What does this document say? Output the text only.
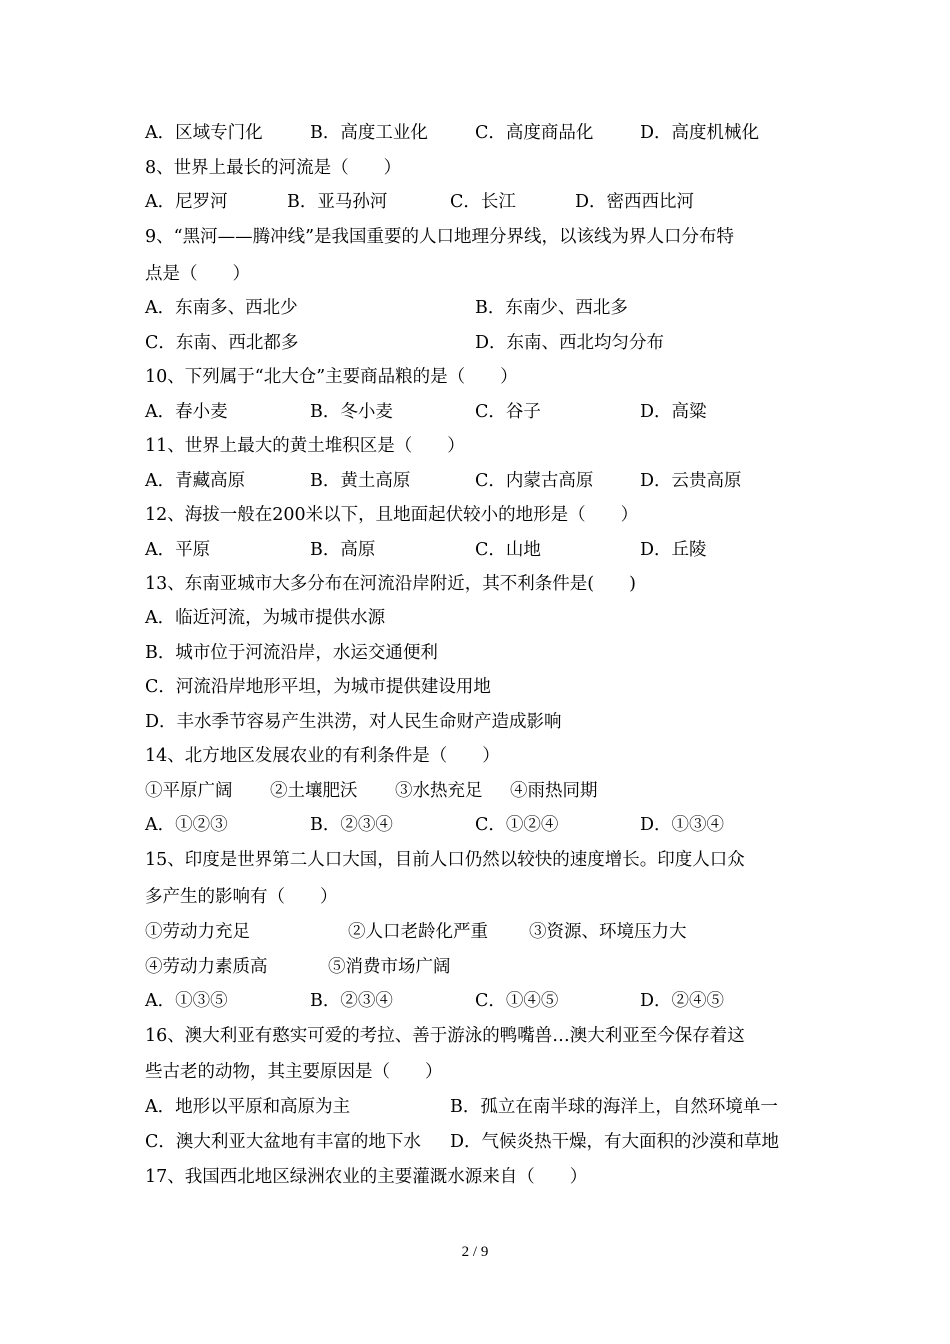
A．区域专门化	B．高度工业化	C．高度商品化	D．高度机械化
8、世界上最长的河流是（　　）
A．尼罗河	B．亚马孙河	C．长江	D．密西西比河
9、“黑河——腾冲线”是我国重要的人口地理分界线，以该线为界人口分布特
点是（　　）
A．东南多、西北少	B．东南少、西北多
C．东南、西北都多	D．东南、西北均匀分布
10、下列属于“北大仓”主要商品粮的是（　　）
A．春小麦	B．冬小麦	C．谷子	D．高粱
11、世界上最大的黄土堆积区是（　　）
A．青藏高原	B．黄土高原	C．内蒙古高原	D．云贵高原
12、海拔一般在200米以下，且地面起伏较小的地形是（　　）
A．平原	B．高原	C．山地	D．丘陵
13、东南亚城市大多分布在河流沿岸附近，其不利条件是(　　)
A．临近河流，为城市提供水源
B．城市位于河流沿岸，水运交通便利
C．河流沿岸地形平坦，为城市提供建设用地
D．丰水季节容易产生洪涝，对人民生命财产造成影响
14、北方地区发展农业的有利条件是（　　）
①平原广阔 ②土壤肥沃 ③水热充足 ④雨热同期
A．①②③	B．②③④	C．①②④	D．①③④
15、印度是世界第二人口大国，目前人口仍然以较快的速度增长。印度人口众
多产生的影响有（　　）
①劳动力充足	②人口老龄化严重 ③资源、环境压力大
④劳动力素质高	⑤消费市场广阔
A．①③⑤	B．②③④	C．①④⑤	D．②④⑤
16、澳大利亚有憨实可爱的考拉、善于游泳的鸭嘴兽…澳大利亚至今保存着这
些古老的动物，其主要原因是（　　）
A．地形以平原和高原为主	B．孤立在南半球的海洋上，自然环境单一
C．澳大利亚大盆地有丰富的地下水 D．气候炎热干燥，有大面积的沙漠和草地
17、我国西北地区绿洲农业的主要灌溉水源来自（　　）
2 / 9
